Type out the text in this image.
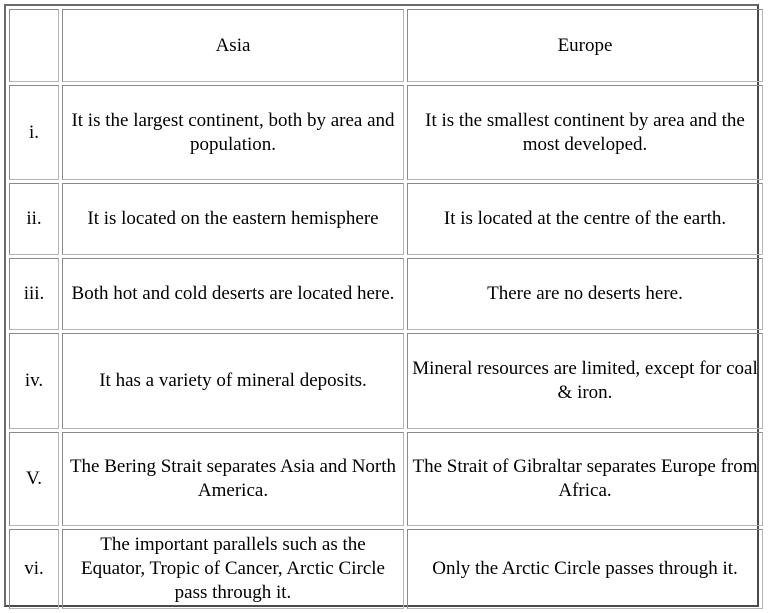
	Asia	Europe
i.	It is the largest continent, both by area and population.	It is the smallest continent by area and the most developed.
ii.	It is located on the eastern hemisphere	It is located at the centre of the earth.
iii.	Both hot and cold deserts are located here.	There are no deserts here.
iv.	It has a variety of mineral deposits.	Mineral resources are limited, except for coal & iron.
V.	The Bering Strait separates Asia and North America.	The Strait of Gibraltar separates Europe from Africa.
vi.	The important parallels such as the Equator, Tropic of Cancer, Arctic Circle pass through it.	Only the Arctic Circle passes through it.
